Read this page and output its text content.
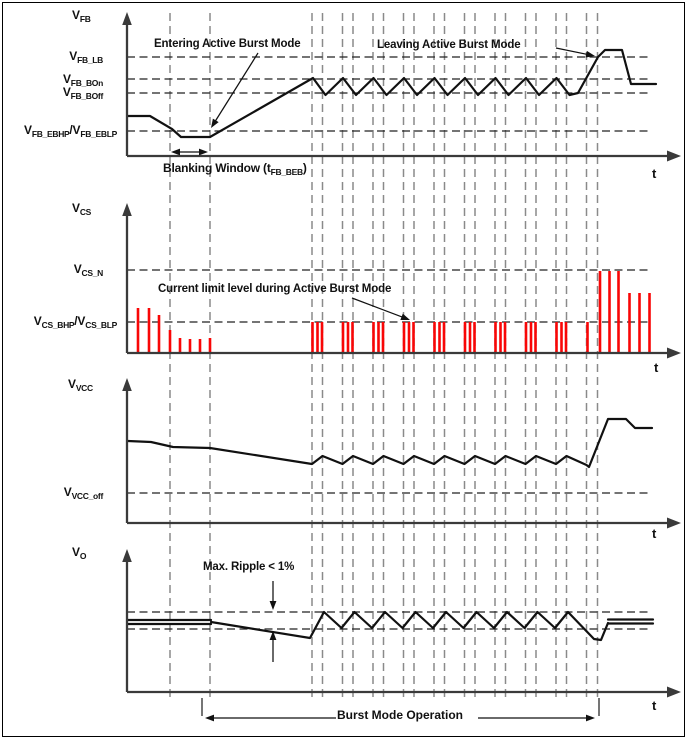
Entering Active Burst Mode	Leaving Active Burst Mode
Current limit level during Active Burst Mode
Max. Ripple < 1%
Burst Mode Operation
t
t
t
t
$V_{FB}$
$V_{FB\_LB}$
$V_{FB\_BOn}$
$V_{FB\_BOff}$
$V_{FB\_EBHP}/V_{FB\_EBLP}$
$V_{CS}$
$V_{CS\_N}$
$V_{CS\_BHP}/V_{CS\_BLP}$
$V_{VCC}$
$V_{VCC\_off}$
$V_O$
Blanking Window $(t_{FB\_BEB})$
